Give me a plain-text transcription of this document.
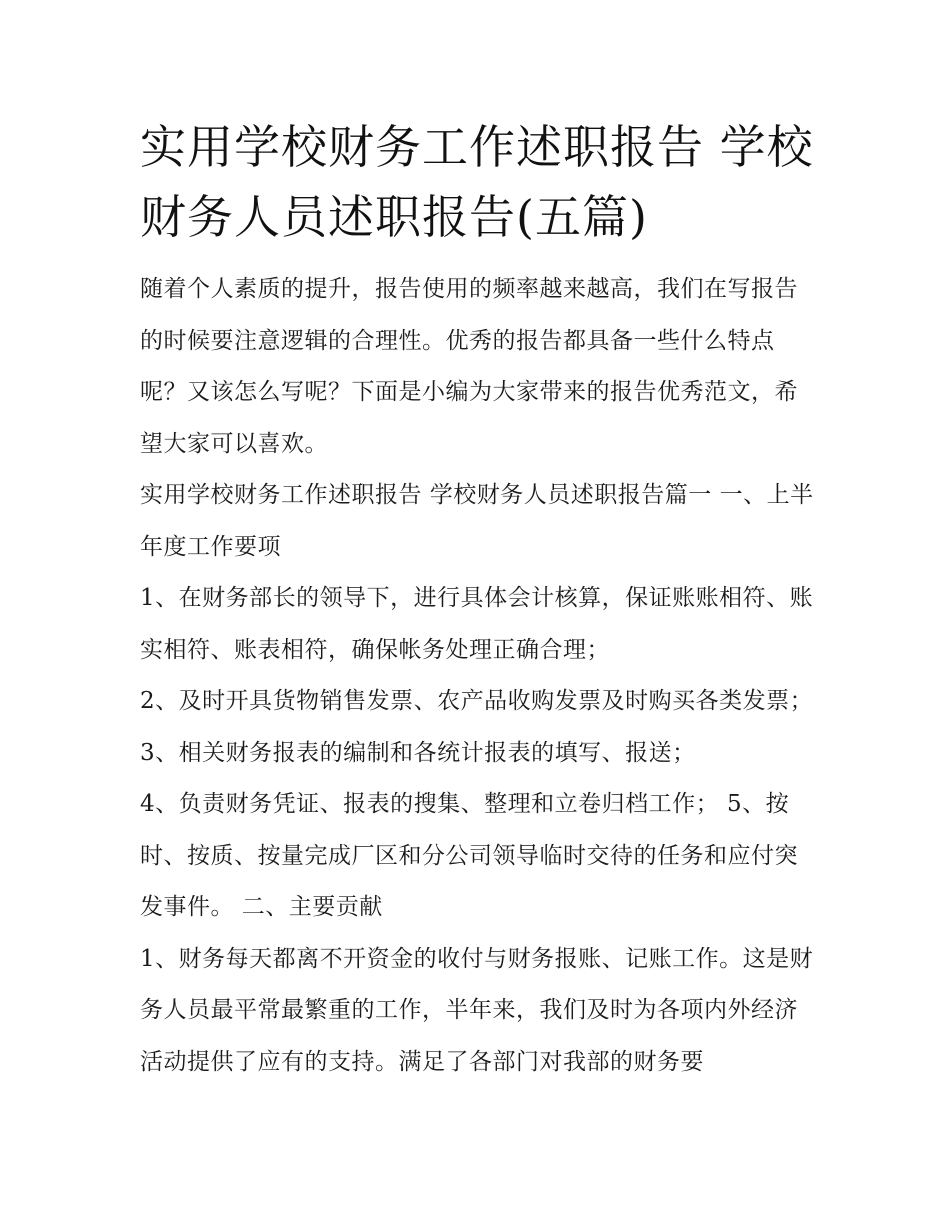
实用学校财务工作述职报告 学校财务人员述职报告(五篇)

随着个人素质的提升，报告使用的频率越来越高，我们在写报告的时候要注意逻辑的合理性。优秀的报告都具备一些什么特点呢？又该怎么写呢？下面是小编为大家带来的报告优秀范文，希望大家可以喜欢。

实用学校财务工作述职报告 学校财务人员述职报告篇一 一、上半年度工作要项

1、在财务部长的领导下，进行具体会计核算，保证账账相符、账实相符、账表相符，确保帐务处理正确合理；

2、及时开具货物销售发票、农产品收购发票及时购买各类发票； 3、相关财务报表的编制和各统计报表的填写、报送；

4、负责财务凭证、报表的搜集、整理和立卷归档工作； 5、按时、按质、按量完成厂区和分公司领导临时交待的任务和应付突发事件。 二、主要贡献

1、财务每天都离不开资金的收付与财务报账、记账工作。这是财务人员最平常最繁重的工作，半年来，我们及时为各项内外经济活动提供了应有的支持。满足了各部门对我部的财务要
